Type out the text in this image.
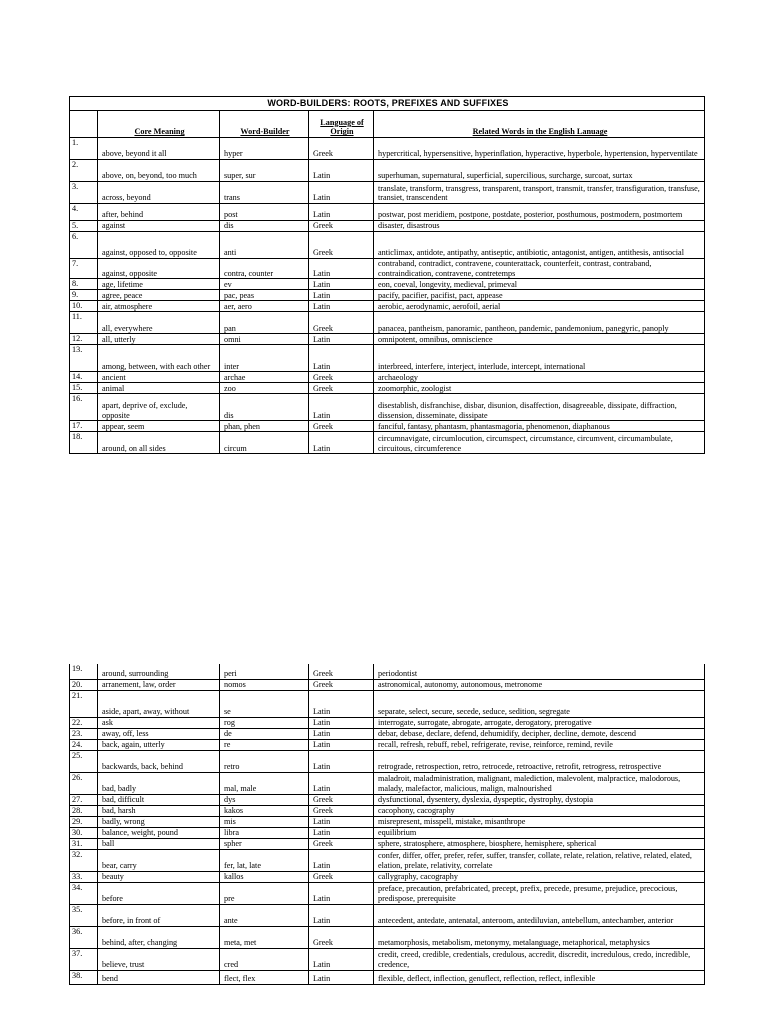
WORD-BUILDERS: ROOTS, PREFIXES AND SUFFIXES				
	Core Meaning	Word-Builder	Language of Origin	Related Words in the English Lanuage
1.	above, beyond it all	hyper	Greek	hypercritical, hypersensitive, hyperinflation, hyperactive, hyperbole, hypertension, hyperventilate
2.	above, on, beyond, too much	super, sur	Latin	superhuman, supernatural, superficial, supercilious, surcharge, surcoat, surtax
3.	across, beyond	trans	Latin	translate, transform, transgress, transparent, transport, transmit, transfer, transfiguration, transfuse, transiet, transcendent
4.	after, behind	post	Latin	postwar, post meridiem, postpone, postdate, posterior, posthumous, postmodern, postmortem
5.	against	dis	Greek	disaster, disastrous
6.	against, opposed to, opposite	anti	Greek	anticlimax, antidote, antipathy, antiseptic, antibiotic, antagonist, antigen, antithesis, antisocial
7.	against, opposite	contra, counter	Latin	contraband, contradict, contravene, counterattack, counterfeit, contrast, contraband, contraindication, contravene, contretemps
8.	age, lifetime	ev	Latin	eon, coeval, longevity, medieval, primeval
9.	agree, peace	pac, peas	Latin	pacify, pacifier, pacifist, pact, appease
10.	air, atmosphere	aer, aero	Latin	aerobic, aerodynamic, aerofoil, aerial
11.	all, everywhere	pan	Greek	panacea, pantheism, panoramic, pantheon, pandemic, pandemonium, panegyric, panoply
12.	all, utterly	omni	Latin	omnipotent, omnibus, omniscience
13.	among, between, with each other	inter	Latin	interbreed, interfere, interject, interlude, intercept, international
14.	ancient	archae	Greek	archaeology
15.	animal	zoo	Greek	zoomorphic, zoologist
16.	apart, deprive of, exclude, opposite	dis	Latin	disestablish, disfranchise, disbar, disunion, disaffection, disagreeable, dissipate, diffraction, dissension, disseminate, dissipate
17.	appear, seem	phan, phen	Greek	fanciful, fantasy, phantasm, phantasmagoria, phenomenon, diaphanous
18.	around, on all sides	circum	Latin	circumnavigate, circumlocution, circumspect, circumstance, circumvent, circumambulate, circuitous, circumference
19.	around, surrounding	peri	Greek	periodontist
20.	arranement, law, order	nomos	Greek	astronomical, autonomy, autonomous, metronome
21.	aside, apart, away, without	se	Latin	separate, select, secure, secede, seduce, sedition, segregate
22.	ask	rog	Latin	interrogate, surrogate, abrogate, arrogate, derogatory, prerogative
23.	away, off, less	de	Latin	debar, debase, declare, defend, dehumidify, decipher, decline, demote, descend
24.	back, again, utterly	re	Latin	recall, refresh, rebuff, rebel, refrigerate, revise, reinforce, remind, revile
25.	backwards, back, behind	retro	Latin	retrograde, retrospection, retro, retrocede, retroactive, retrofit, retrogress, retrospective
26.	bad, badly	mal, male	Latin	maladroit, maladministration, malignant, malediction, malevolent, malpractice, malodorous, malady, malefactor, malicious, malign, malnourished
27.	bad, difficult	dys	Greek	dysfunctional, dysentery, dyslexia, dyspeptic, dystrophy, dystopia
28.	bad, harsh	kakos	Greek	cacophony, cacography
29.	badly, wrong	mis	Latin	misrepresent, misspell, mistake, misanthrope
30.	balance, weight, pound	libra	Latin	equilibrium
31.	ball	spher	Greek	sphere, stratosphere, atmosphere, biosphere, hemisphere, spherical
32.	bear, carry	fer, lat, late	Latin	confer, differ, offer, prefer, refer, suffer, transfer, collate, relate, relation, relative, related, elated, elation, prelate, relativity, correlate
33.	beauty	kallos	Greek	callygraphy, cacography
34.	before	pre	Latin	preface, precaution, prefabricated, precept, prefix, precede, presume, prejudice, precocious, predispose, prerequisite
35.	before, in front of	ante	Latin	antecedent, antedate, antenatal, anteroom, antediluvian, antebellum, antechamber, anterior
36.	behind, after, changing	meta, met	Greek	metamorphosis, metabolism, metonymy, metalanguage, metaphorical, metaphysics
37.	believe, trust	cred	Latin	credit, creed, credible, credentials, credulous, accredit, discredit, incredulous, credo, incredible, credence,
38.	bend	flect, flex	Latin	flexible, deflect, inflection, genuflect, reflection, reflect, inflexible
